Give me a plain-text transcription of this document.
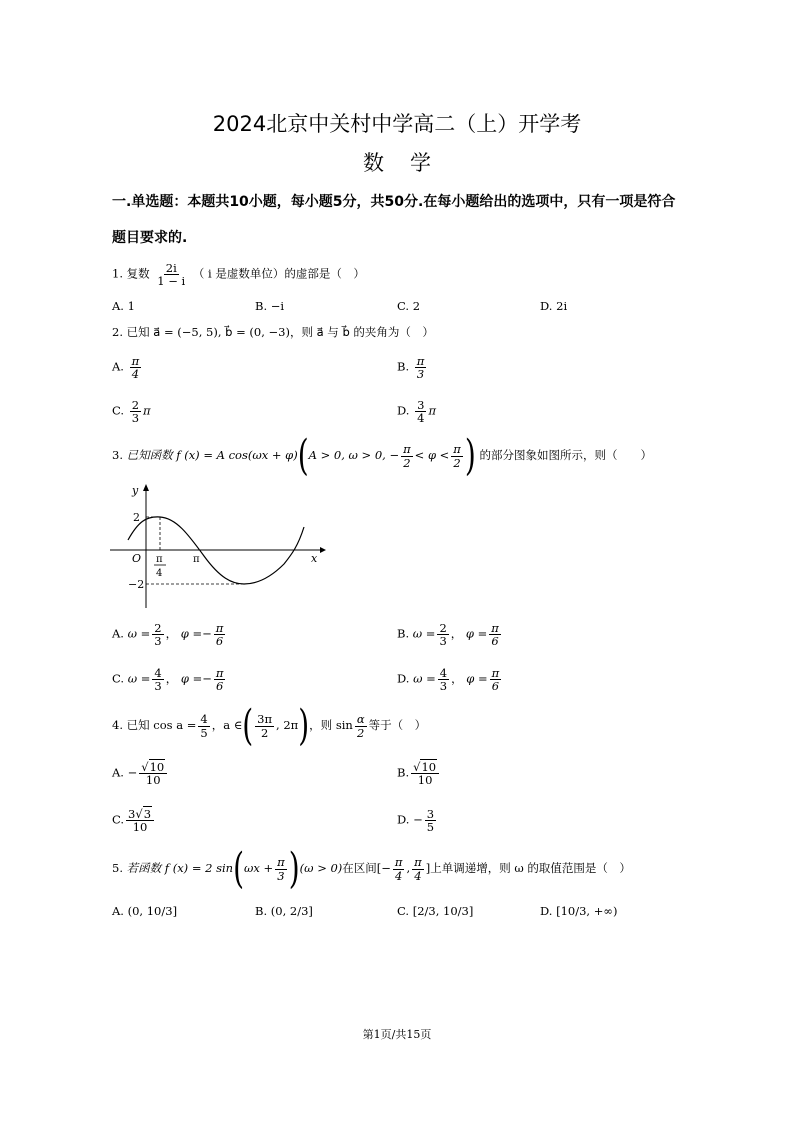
2024北京中关村中学高二（上）开学考
数学
一.单选题：本题共10小题，每小题5分，共50分.在每小题给出的选项中，只有一项是符合题目要求的.
1. 复数 $\frac{2i}{1 - i}$ （ i 是虚数单位）的虚部是（　）
A. 1	B. −i	C. 2	D. 2i
2. 已知 a⃗ = (−5, 5), b⃗ = (0, −3)，则 a⃗ 与 b⃗ 的夹角为（　）
A. $\frac{\pi}{4}$	B. $\frac{\pi}{3}$
C. $\frac{2}{3}$ π	D. $\frac{3}{4}$ π
3. 已知函数 f (x) = A cos(ωx + φ)(A > 0, ω > 0, − $\frac{\pi}{2} < \varphi < \frac{\pi}{2}$ ) 的部分图象如图所示，则（　　）
y
x
O
2
−2
π
4
π
A. $\omega = \frac{2}{3}$ ， $\varphi =- \frac{\pi}{6}$	B. $\omega = \frac{2}{3}$ ， $\varphi = \frac{\pi}{6}$
C. $\omega = \frac{4}{3}$ ， $\varphi =- \frac{\pi}{6}$	D. $\omega = \frac{4}{3}$ ， $\varphi = \frac{\pi}{6}$
4. 已知 $\cos a = \frac{4}{5}$ ，a ∈( $\frac{3\pi}{2}$ , 2π)，则 $\sin \frac{\alpha}{2}$ 等于（　）
A. − $\frac{√10}{10}$	B. $\frac{√10}{10}$
C. $\frac{3√3}{10}$	D. − $\frac{3}{5}$
5. 若函数 f (x) = 2 $\sin(\omega x + \frac{\pi}{3} )(\omega > 0)$在区间[− $\frac{\pi}{4}$ , $\frac{\pi}{4}$ ]上单调递增，则 ω 的取值范围是（　）
A. (0, 10/3]	B. (0, 2/3]	C. [2/3, 10/3]	D. [10/3, +∞)
第1页/共15页
